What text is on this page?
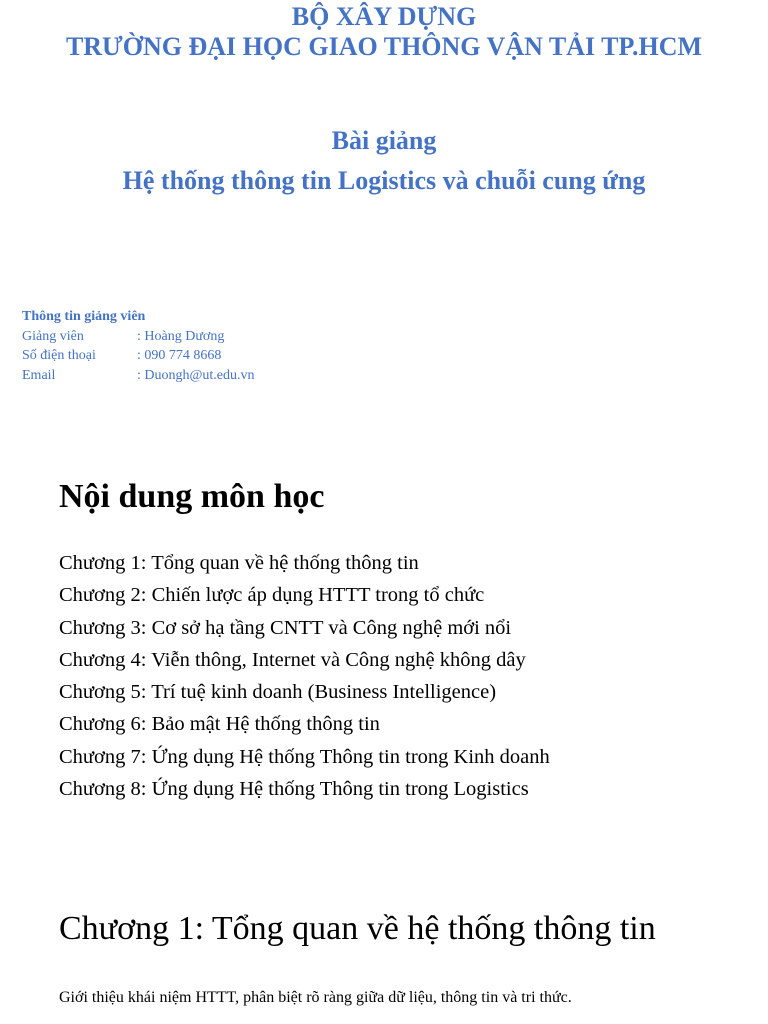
BỘ XÂY DỰNG
TRƯỜNG ĐẠI HỌC GIAO THÔNG VẬN TẢI TP.HCM
Bài giảng
Hệ thống thông tin Logistics và chuỗi cung ứng
Thông tin giảng viên
Giảng viên	: Hoàng Dương
Số điện thoại	: 090 774 8668
Email	: Duongh@ut.edu.vn
Nội dung môn học
Chương 1: Tổng quan về hệ thống thông tin
Chương 2: Chiến lược áp dụng HTTT trong tổ chức
Chương 3: Cơ sở hạ tầng CNTT và Công nghệ mới nổi
Chương 4: Viễn thông, Internet và Công nghệ không dây
Chương 5: Trí tuệ kinh doanh (Business Intelligence)
Chương 6: Bảo mật Hệ thống thông tin
Chương 7: Ứng dụng Hệ thống Thông tin trong Kinh doanh
Chương 8: Ứng dụng Hệ thống Thông tin trong Logistics
Chương 1: Tổng quan về hệ thống thông tin
Giới thiệu khái niệm HTTT, phân biệt rõ ràng giữa dữ liệu, thông tin và tri thức.
